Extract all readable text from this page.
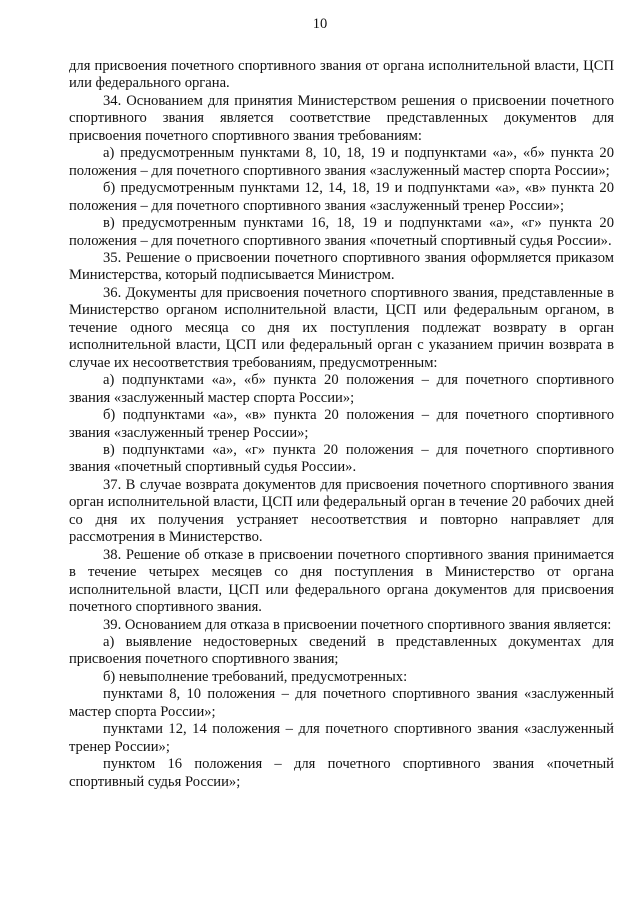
10

для присвоения почетного спортивного звания от органа исполнительной власти, ЦСП или федерального органа.

34. Основанием для принятия Министерством решения о присвоении почетного спортивного звания является соответствие представленных документов для присвоения почетного спортивного звания требованиям:

а) предусмотренным пунктами 8, 10, 18, 19 и подпунктами «а», «б» пункта 20 положения – для почетного спортивного звания «заслуженный мастер спорта России»;

б) предусмотренным пунктами 12, 14, 18, 19 и подпунктами «а», «в» пункта 20 положения – для почетного спортивного звания «заслуженный тренер России»;

в) предусмотренным пунктами 16, 18, 19 и подпунктами «а», «г» пункта 20 положения – для почетного спортивного звания «почетный спортивный судья России».

35. Решение о присвоении почетного спортивного звания оформляется приказом Министерства, который подписывается Министром.

36. Документы для присвоения почетного спортивного звания, представленные в Министерство органом исполнительной власти, ЦСП или федеральным органом, в течение одного месяца со дня их поступления подлежат возврату в орган исполнительной власти, ЦСП или федеральный орган с указанием причин возврата в случае их несоответствия требованиям, предусмотренным:

а) подпунктами «а», «б» пункта 20 положения – для почетного спортивного звания «заслуженный мастер спорта России»;

б) подпунктами «а», «в» пункта 20 положения – для почетного спортивного звания «заслуженный тренер России»;

в) подпунктами «а», «г» пункта 20 положения – для почетного спортивного звания «почетный спортивный судья России».

37. В случае возврата документов для присвоения почетного спортивного звания орган исполнительной власти, ЦСП или федеральный орган в течение 20 рабочих дней со дня их получения устраняет несоответствия и повторно направляет для рассмотрения в Министерство.

38. Решение об отказе в присвоении почетного спортивного звания принимается в течение четырех месяцев со дня поступления в Министерство от органа исполнительной власти, ЦСП или федерального органа документов для присвоения почетного спортивного звания.

39. Основанием для отказа в присвоении почетного спортивного звания является:

а) выявление недостоверных сведений в представленных документах для присвоения почетного спортивного звания;

б) невыполнение требований, предусмотренных:

пунктами 8, 10 положения – для почетного спортивного звания «заслуженный мастер спорта России»;

пунктами 12, 14 положения – для почетного спортивного звания «заслуженный тренер России»;

пунктом 16 положения – для почетного спортивного звания «почетный спортивный судья России»;
